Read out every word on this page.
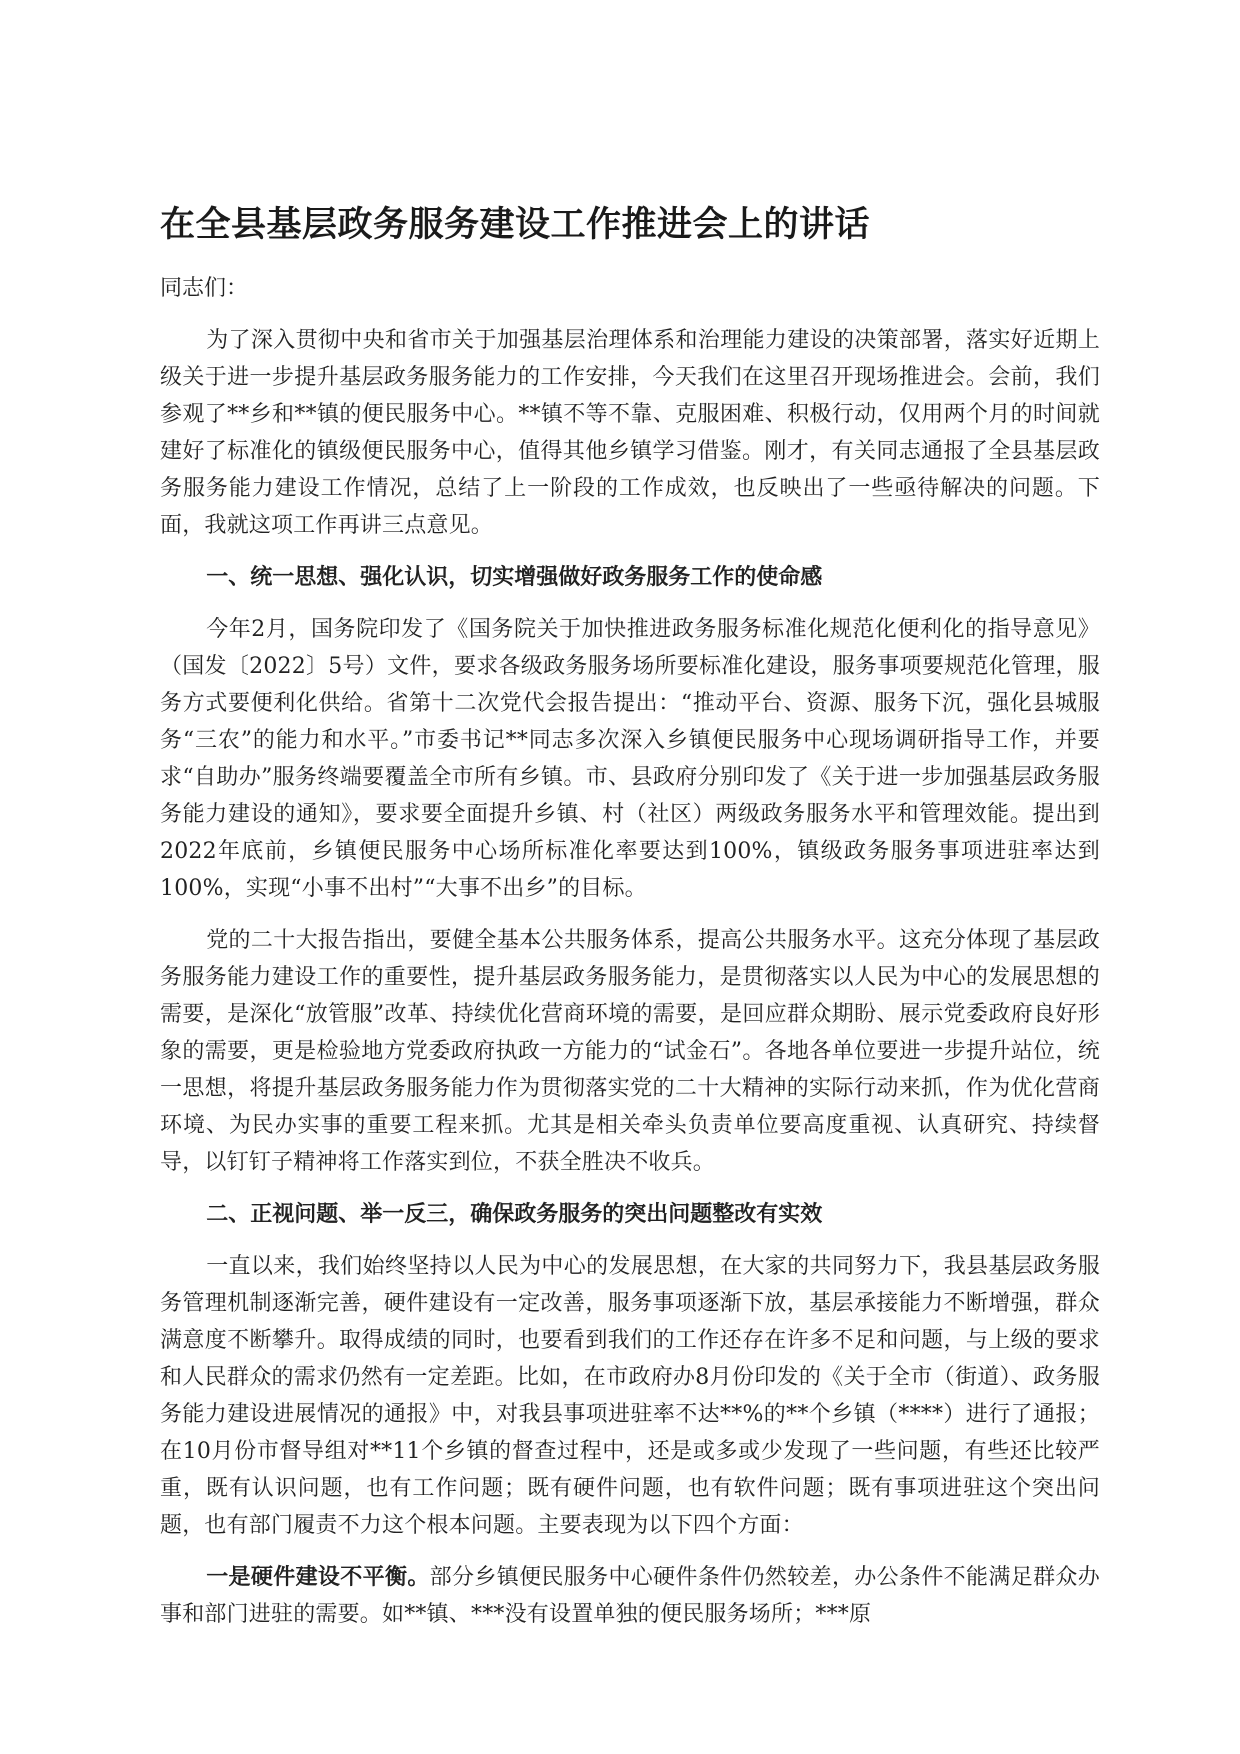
在全县基层政务服务建设工作推进会上的讲话

同志们：

为了深入贯彻中央和省市关于加强基层治理体系和治理能力建设的决策部署，落实好近期上级关于进一步提升基层政务服务能力的工作安排，今天我们在这里召开现场推进会。会前，我们参观了**乡和**镇的便民服务中心。**镇不等不靠、克服困难、积极行动，仅用两个月的时间就建好了标准化的镇级便民服务中心，值得其他乡镇学习借鉴。刚才，有关同志通报了全县基层政务服务能力建设工作情况，总结了上一阶段的工作成效，也反映出了一些亟待解决的问题。下面，我就这项工作再讲三点意见。

一、统一思想、强化认识，切实增强做好政务服务工作的使命感

今年2月，国务院印发了《国务院关于加快推进政务服务标准化规范化便利化的指导意见》（国发〔2022〕5号）文件，要求各级政务服务场所要标准化建设，服务事项要规范化管理，服务方式要便利化供给。省第十二次党代会报告提出：“推动平台、资源、服务下沉，强化县城服务“三农”的能力和水平。”市委书记**同志多次深入乡镇便民服务中心现场调研指导工作，并要求“自助办”服务终端要覆盖全市所有乡镇。市、县政府分别印发了《关于进一步加强基层政务服务能力建设的通知》，要求要全面提升乡镇、村（社区）两级政务服务水平和管理效能。提出到2022年底前，乡镇便民服务中心场所标准化率要达到100%，镇级政务服务事项进驻率达到100%，实现“小事不出村”“大事不出乡”的目标。

党的二十大报告指出，要健全基本公共服务体系，提高公共服务水平。这充分体现了基层政务服务能力建设工作的重要性，提升基层政务服务能力，是贯彻落实以人民为中心的发展思想的需要，是深化“放管服”改革、持续优化营商环境的需要，是回应群众期盼、展示党委政府良好形象的需要，更是检验地方党委政府执政一方能力的“试金石”。各地各单位要进一步提升站位，统一思想，将提升基层政务服务能力作为贯彻落实党的二十大精神的实际行动来抓，作为优化营商环境、为民办实事的重要工程来抓。尤其是相关牵头负责单位要高度重视、认真研究、持续督导，以钉钉子精神将工作落实到位，不获全胜决不收兵。

二、正视问题、举一反三，确保政务服务的突出问题整改有实效

一直以来，我们始终坚持以人民为中心的发展思想，在大家的共同努力下，我县基层政务服务管理机制逐渐完善，硬件建设有一定改善，服务事项逐渐下放，基层承接能力不断增强，群众满意度不断攀升。取得成绩的同时，也要看到我们的工作还存在许多不足和问题，与上级的要求和人民群众的需求仍然有一定差距。比如，在市政府办8月份印发的《关于全市（街道）、政务服务能力建设进展情况的通报》中，对我县事项进驻率不达**%的**个乡镇（****）进行了通报；在10月份市督导组对**11个乡镇的督查过程中，还是或多或少发现了一些问题，有些还比较严重，既有认识问题，也有工作问题；既有硬件问题，也有软件问题；既有事项进驻这个突出问题，也有部门履责不力这个根本问题。主要表现为以下四个方面：

一是硬件建设不平衡。部分乡镇便民服务中心硬件条件仍然较差，办公条件不能满足群众办事和部门进驻的需要。如**镇、***没有设置单独的便民服务场所；***原
